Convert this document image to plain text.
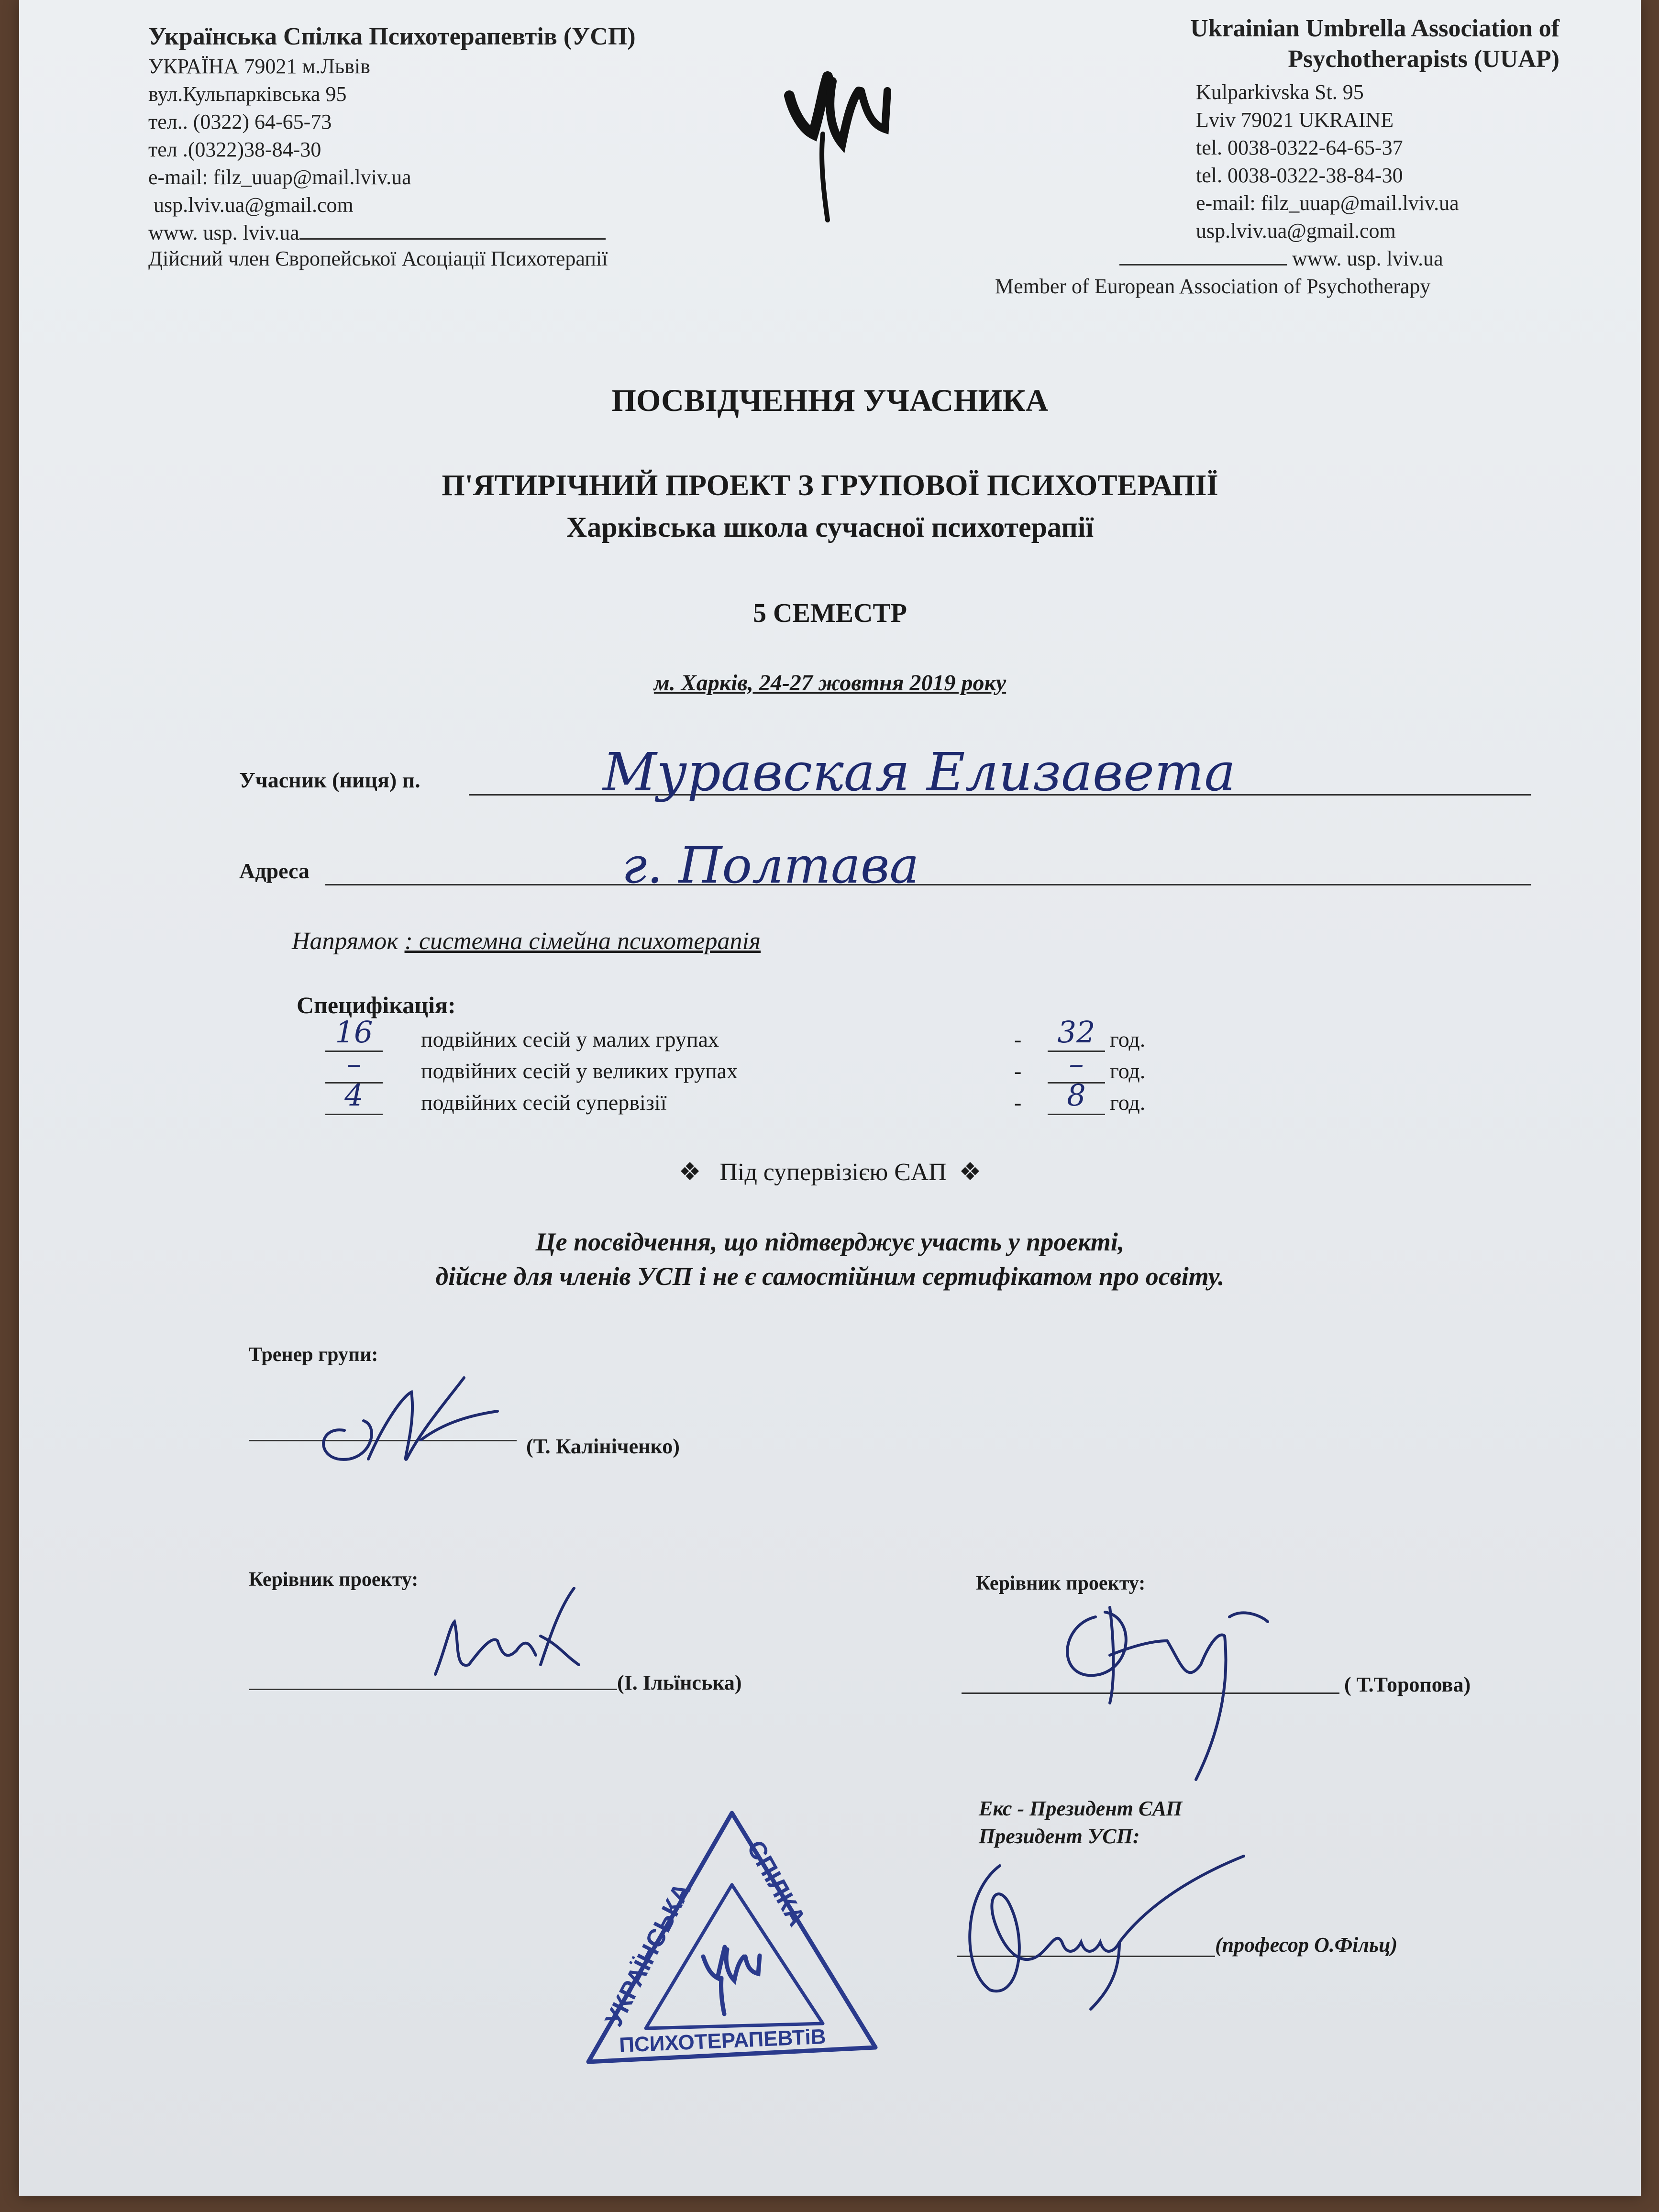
Українська Спілка Психотерапевтів (УСП)
УКРАЇНА 79021 м.Львів
вул.Кульпарківська 95
тел.. (0322) 64-65-73
тел .(0322)38-84-30
e-mail: filz_uuap@mail.lviv.ua
usp.lviv.ua@gmail.com
www. usp. lviv.ua
Дійсний член Європейської Асоціації Психотерапії
Ukrainian Umbrella Association of
Psychotherapists (UUAP)
Kulparkivska St. 95
Lviv 79021 UKRAINE
tel. 0038-0322-64-65-37
tel. 0038-0322-38-84-30
e-mail: filz_uuap@mail.lviv.ua
usp.lviv.ua@gmail.com
www. usp. lviv.ua
Member of European Association of Psychotherapy
ПОСВІДЧЕННЯ УЧАСНИКА
П'ЯТИРІЧНИЙ ПРОЕКТ З ГРУПОВОЇ ПСИХОТЕРАПІЇ
Харківська школа сучасної психотерапії
5 СЕМЕСТР
м. Харків, 24-27 жовтня 2019 року
Учасник (ниця) п.	Муравская Елизавета
Адреса	г. Полтава
Напрямок : системна сімейна психотерапія
Специфікація:
16	подвійних сесій у малих групах	-	32 год.
–	подвійних сесій у великих групах	-	–	год.
4	подвійних сесій супервізії	-	8	год.
❖   Під супервізією ЄАП  ❖
Це посвідчення, що підтверджує участь у проекті,
дійсне для членів УСП і не є самостійним сертифікатом про освіту.
Тренер групи:
(Т. Калініченко)
Керівник проекту:
(І. Ільїнська)
Керівник проекту:
( Т.Торопова)
Екс - Президент ЄАП
Президент УСП:
(професор О.Фільц)
УКРАЇНСЬКА
СПІЛКА
ПСИХОТЕРАПЕВТіВ
